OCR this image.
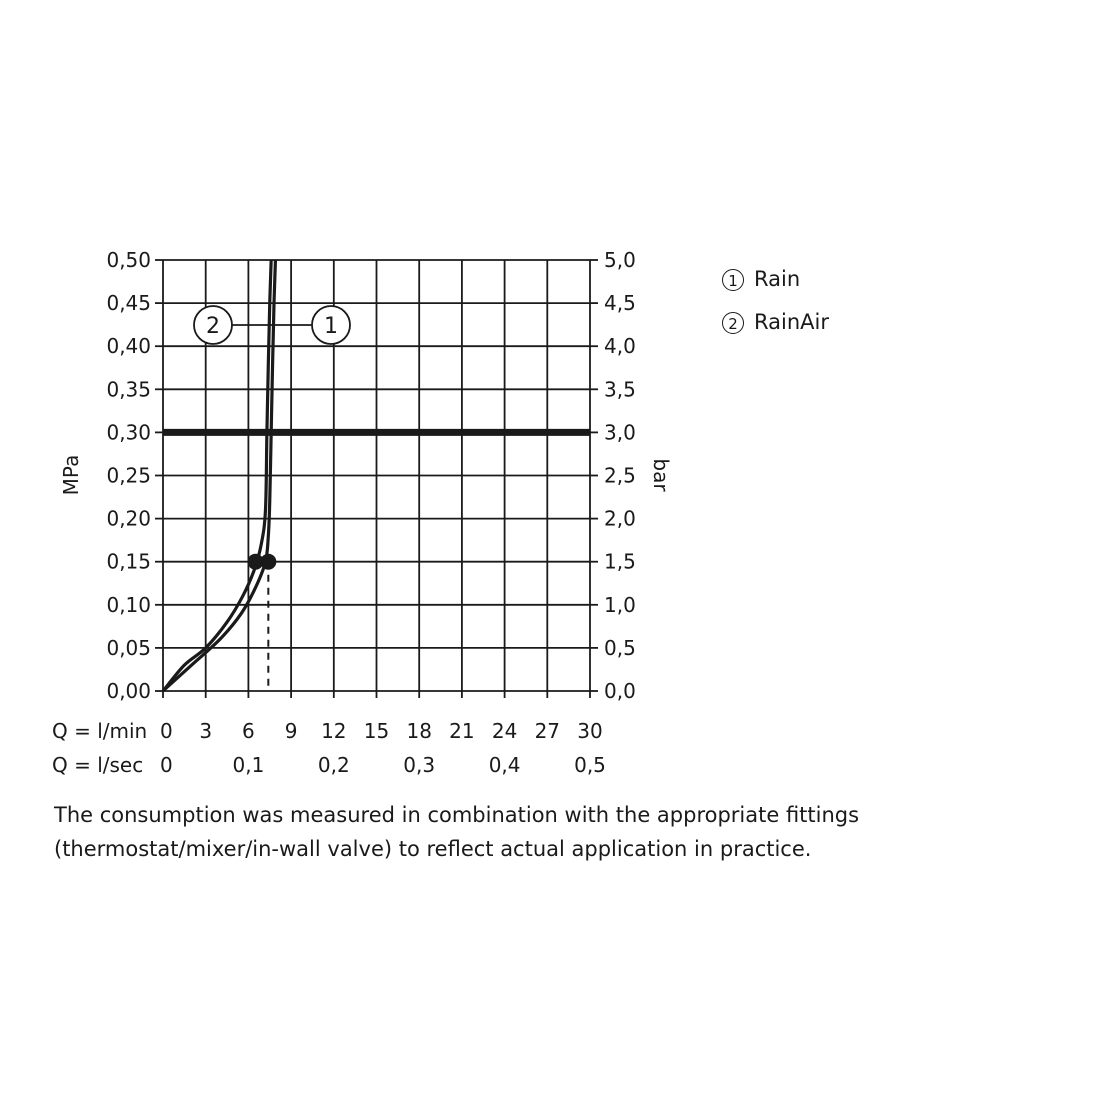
0,00	0,0
0,05	0,5
0,10	1,0
0,15	1,5
0,20	2,0
0,25	2,5
0,30	3,0
0,35	3,5
0,40	4,0
0,45	4,5
0,50	5,0
MPa	bar
Q = l/min 0 3 6 9 12 15 18 21 24 27 30
Q = l/sec 0	0,1	0,2	0,3	0,4	0,5
2	1
1 Rain
2 RainAir
The consumption was measured in combination with the appropriate fittings (thermostat/mixer/in-wall valve) to reflect actual application in practice.
